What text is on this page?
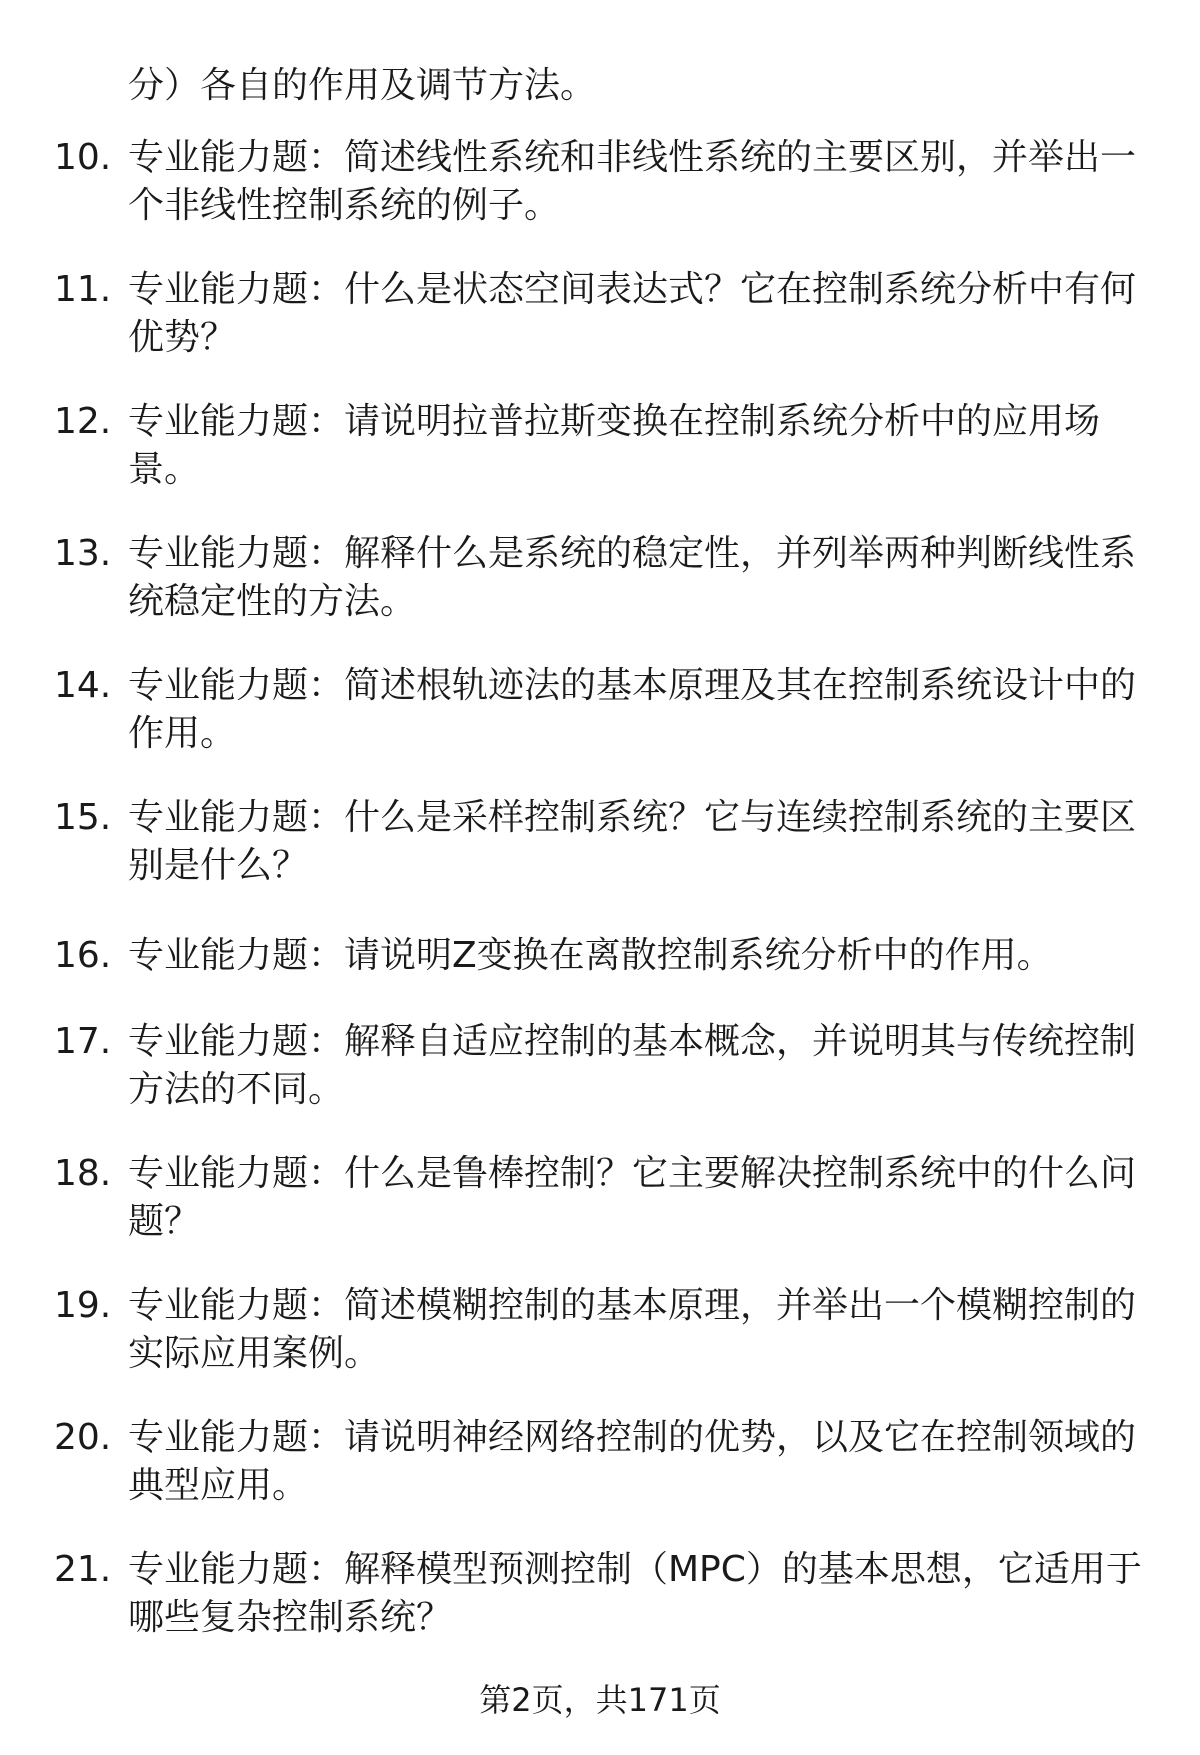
分）各自的作用及调节方法。
10. 专业能力题：简述线性系统和非线性系统的主要区别，并举出一
个非线性控制系统的例子。
11. 专业能力题：什么是状态空间表达式？它在控制系统分析中有何
优势？
12. 专业能力题：请说明拉普拉斯变换在控制系统分析中的应用场
景。
13. 专业能力题：解释什么是系统的稳定性，并列举两种判断线性系
统稳定性的方法。
14. 专业能力题：简述根轨迹法的基本原理及其在控制系统设计中的
作用。
15. 专业能力题：什么是采样控制系统？它与连续控制系统的主要区
别是什么？
16. 专业能力题：请说明Z变换在离散控制系统分析中的作用。
17. 专业能力题：解释自适应控制的基本概念，并说明其与传统控制
方法的不同。
18. 专业能力题：什么是鲁棒控制？它主要解决控制系统中的什么问
题？
19. 专业能力题：简述模糊控制的基本原理，并举出一个模糊控制的
实际应用案例。
20. 专业能力题：请说明神经网络控制的优势，以及它在控制领域的
典型应用。
21. 专业能力题：解释模型预测控制（MPC）的基本思想，它适用于
哪些复杂控制系统？
第2页，共171页
